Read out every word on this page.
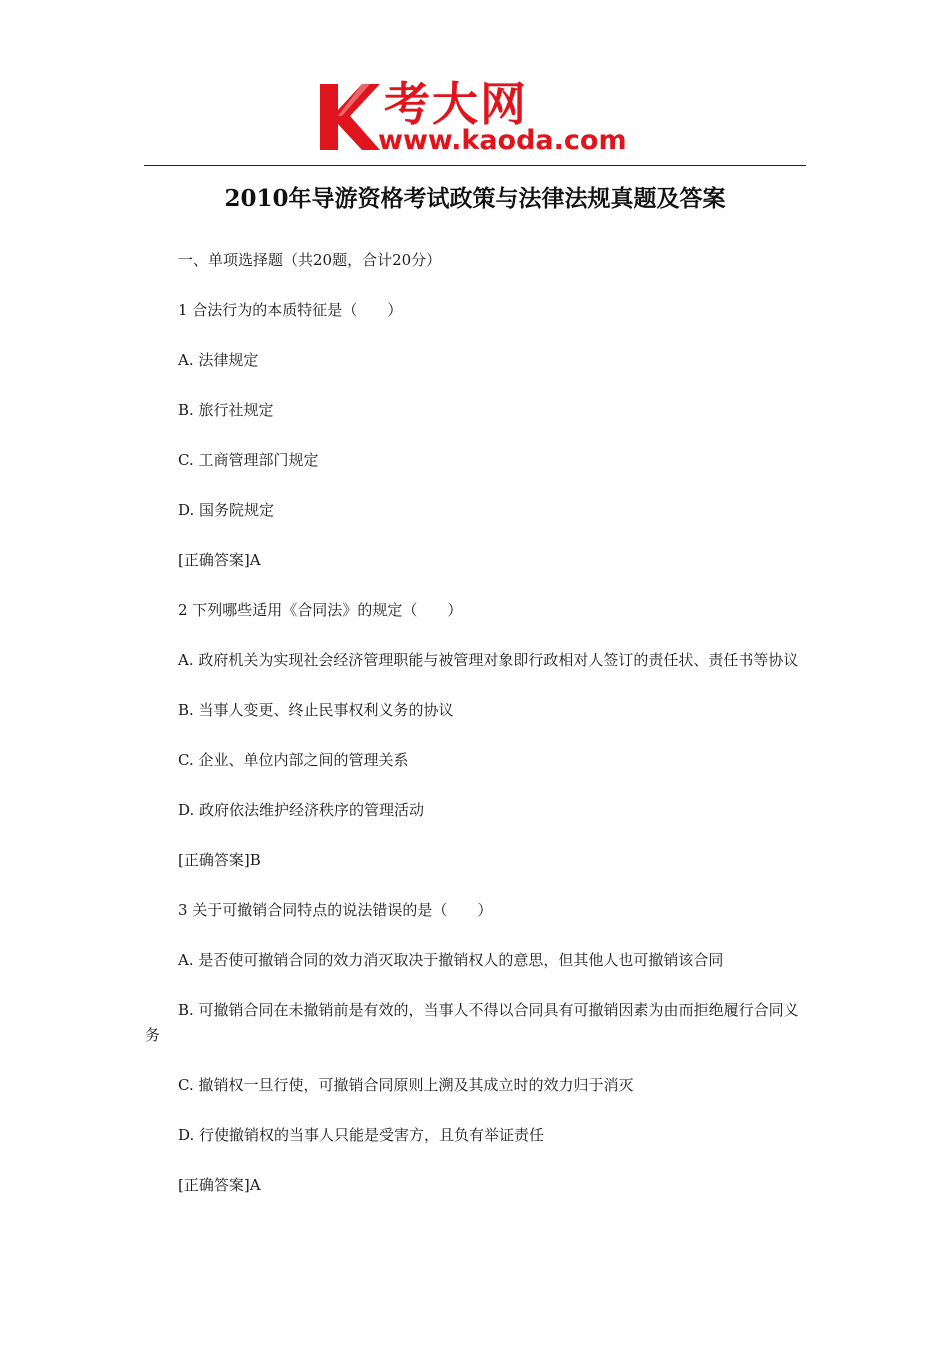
考大网
www.kaoda.com
2010年导游资格考试政策与法律法规真题及答案

一、单项选择题（共20题，合计20分）

1 合法行为的本质特征是（　　）

A. 法律规定

B. 旅行社规定

C. 工商管理部门规定

D. 国务院规定

[正确答案]A

2 下列哪些适用《合同法》的规定（　　）

A. 政府机关为实现社会经济管理职能与被管理对象即行政相对人签订的责任状、责任书等协议

B. 当事人变更、终止民事权利义务的协议

C. 企业、单位内部之间的管理关系

D. 政府依法维护经济秩序的管理活动

[正确答案]B

3 关于可撤销合同特点的说法错误的是（　　）

A. 是否使可撤销合同的效力消灭取决于撤销权人的意思，但其他人也可撤销该合同

B. 可撤销合同在未撤销前是有效的，当事人不得以合同具有可撤销因素为由而拒绝履行合同义务

C. 撤销权一旦行使，可撤销合同原则上溯及其成立时的效力归于消灭

D. 行使撤销权的当事人只能是受害方，且负有举证责任

[正确答案]A
